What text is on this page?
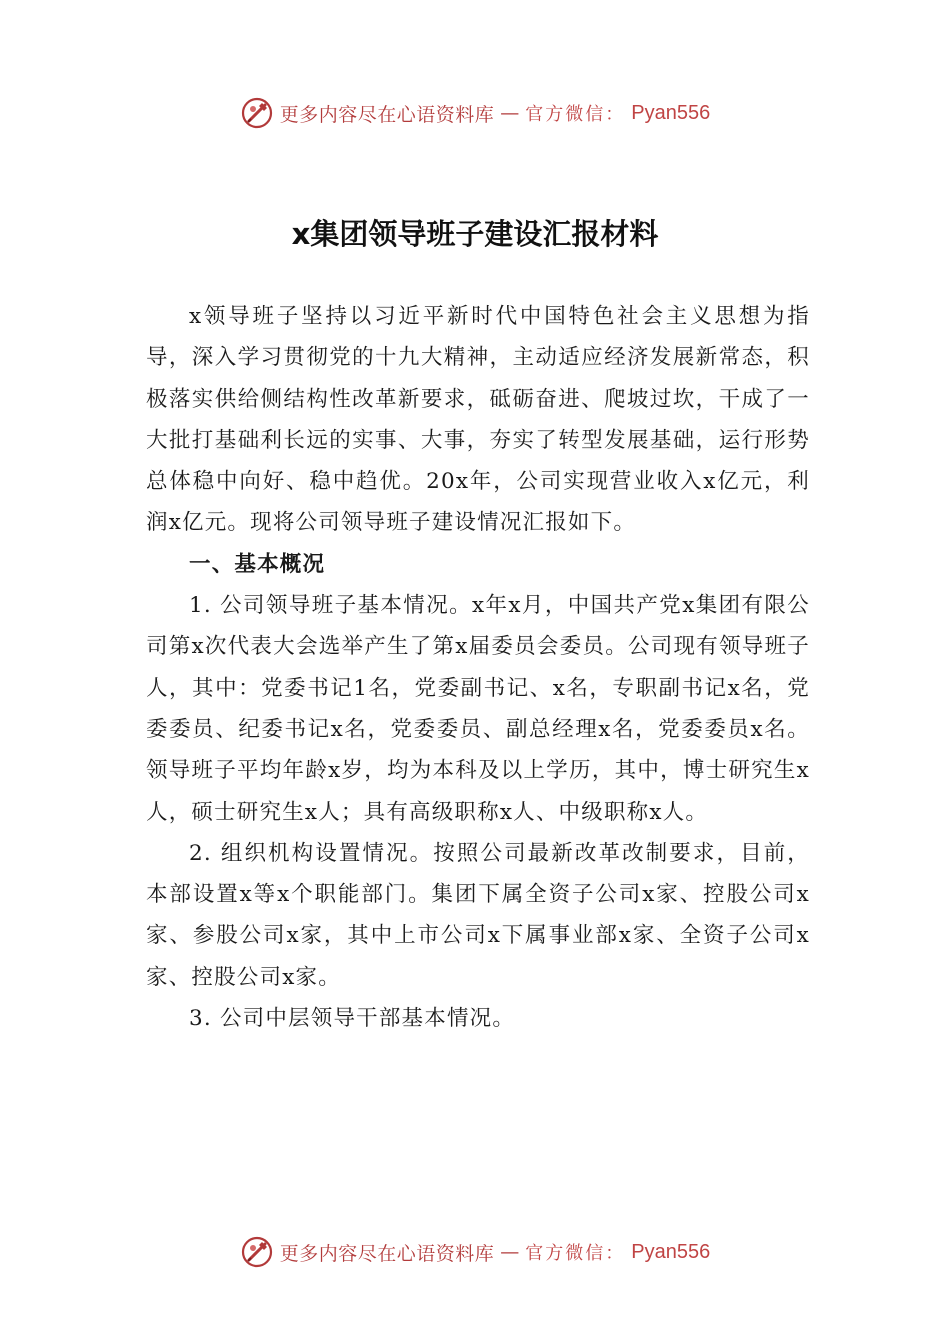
更多内容尽在心语资料库 — 官方微信： Pyan556
x集团领导班子建设汇报材料

x领导班子坚持以习近平新时代中国特色社会主义思想为指导，深入学习贯彻党的十九大精神，主动适应经济发展新常态，积极落实供给侧结构性改革新要求，砥砺奋进、爬坡过坎，干成了一大批打基础利长远的实事、大事，夯实了转型发展基础，运行形势总体稳中向好、稳中趋优。20x年，公司实现营业收入x亿元，利润x亿元。现将公司领导班子建设情况汇报如下。

一、基本概况

1. 公司领导班子基本情况。x年x月，中国共产党x集团有限公司第x次代表大会选举产生了第x届委员会委员。公司现有领导班子人，其中：党委书记1名，党委副书记、x名，专职副书记x名，党委委员、纪委书记x名，党委委员、副总经理x名，党委委员x名。领导班子平均年龄x岁，均为本科及以上学历，其中，博士研究生x人，硕士研究生x人；具有高级职称x人、中级职称x人。

2. 组织机构设置情况。按照公司最新改革改制要求，目前，本部设置x等x个职能部门。集团下属全资子公司x家、控股公司x家、参股公司x家，其中上市公司x下属事业部x家、全资子公司x家、控股公司x家。

3. 公司中层领导干部基本情况。

更多内容尽在心语资料库 — 官方微信： Pyan556
